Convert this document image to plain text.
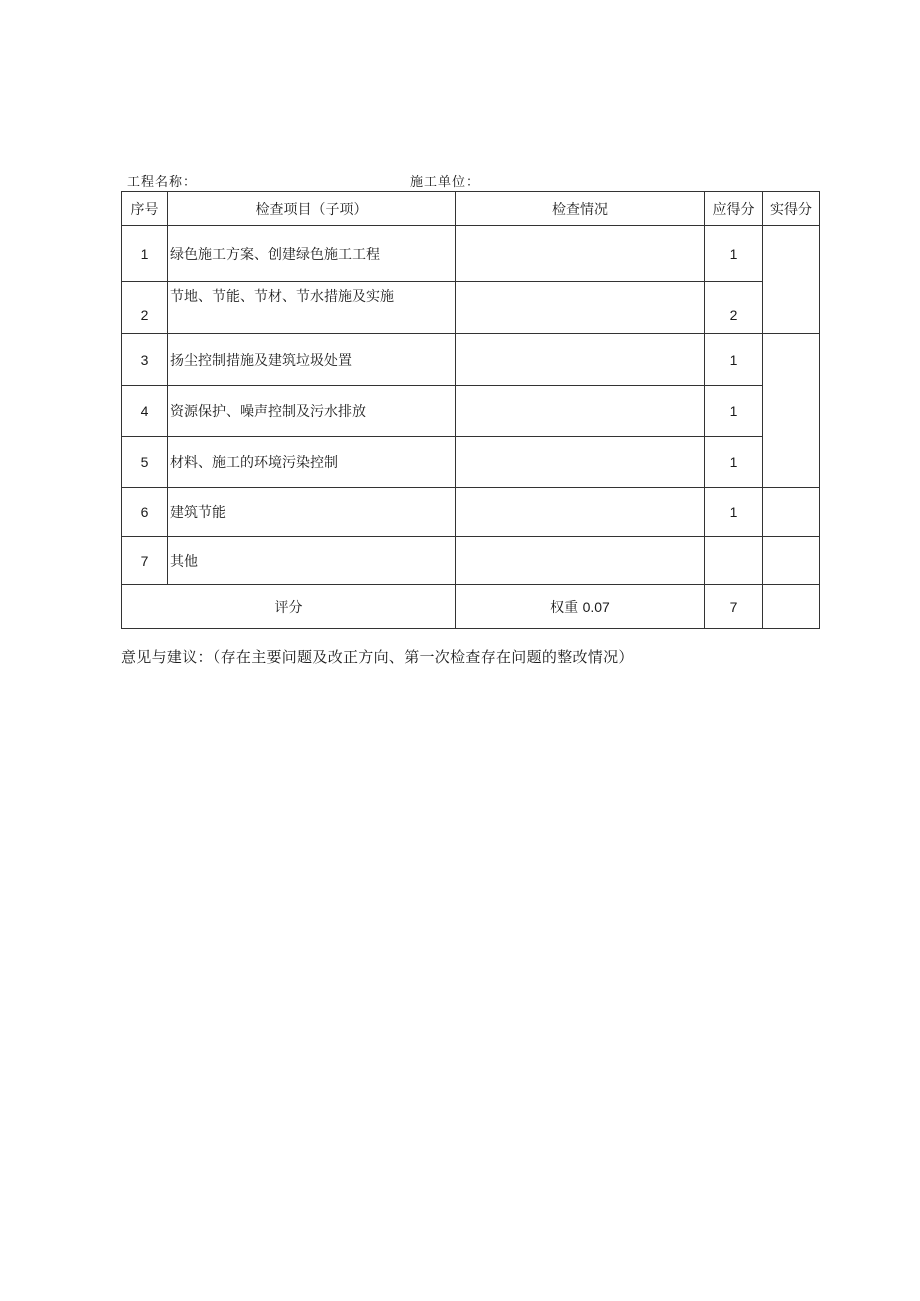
工程名称：	施工单位：
序号	检查项目（子项）	检查情况	应得分	实得分
1	绿色施工方案、创建绿色施工工程		1	
2	节地、节能、节材、节水措施及实施		2	
3	扬尘控制措施及建筑垃圾处置		1	
4	资源保护、噪声控制及污水排放		1	
5	材料、施工的环境污染控制		1	
6	建筑节能		1	
7	其他			
评分		权重 0.07	7	
意见与建议：（存在主要问题及改正方向、第一次检查存在问题的整改情况）
